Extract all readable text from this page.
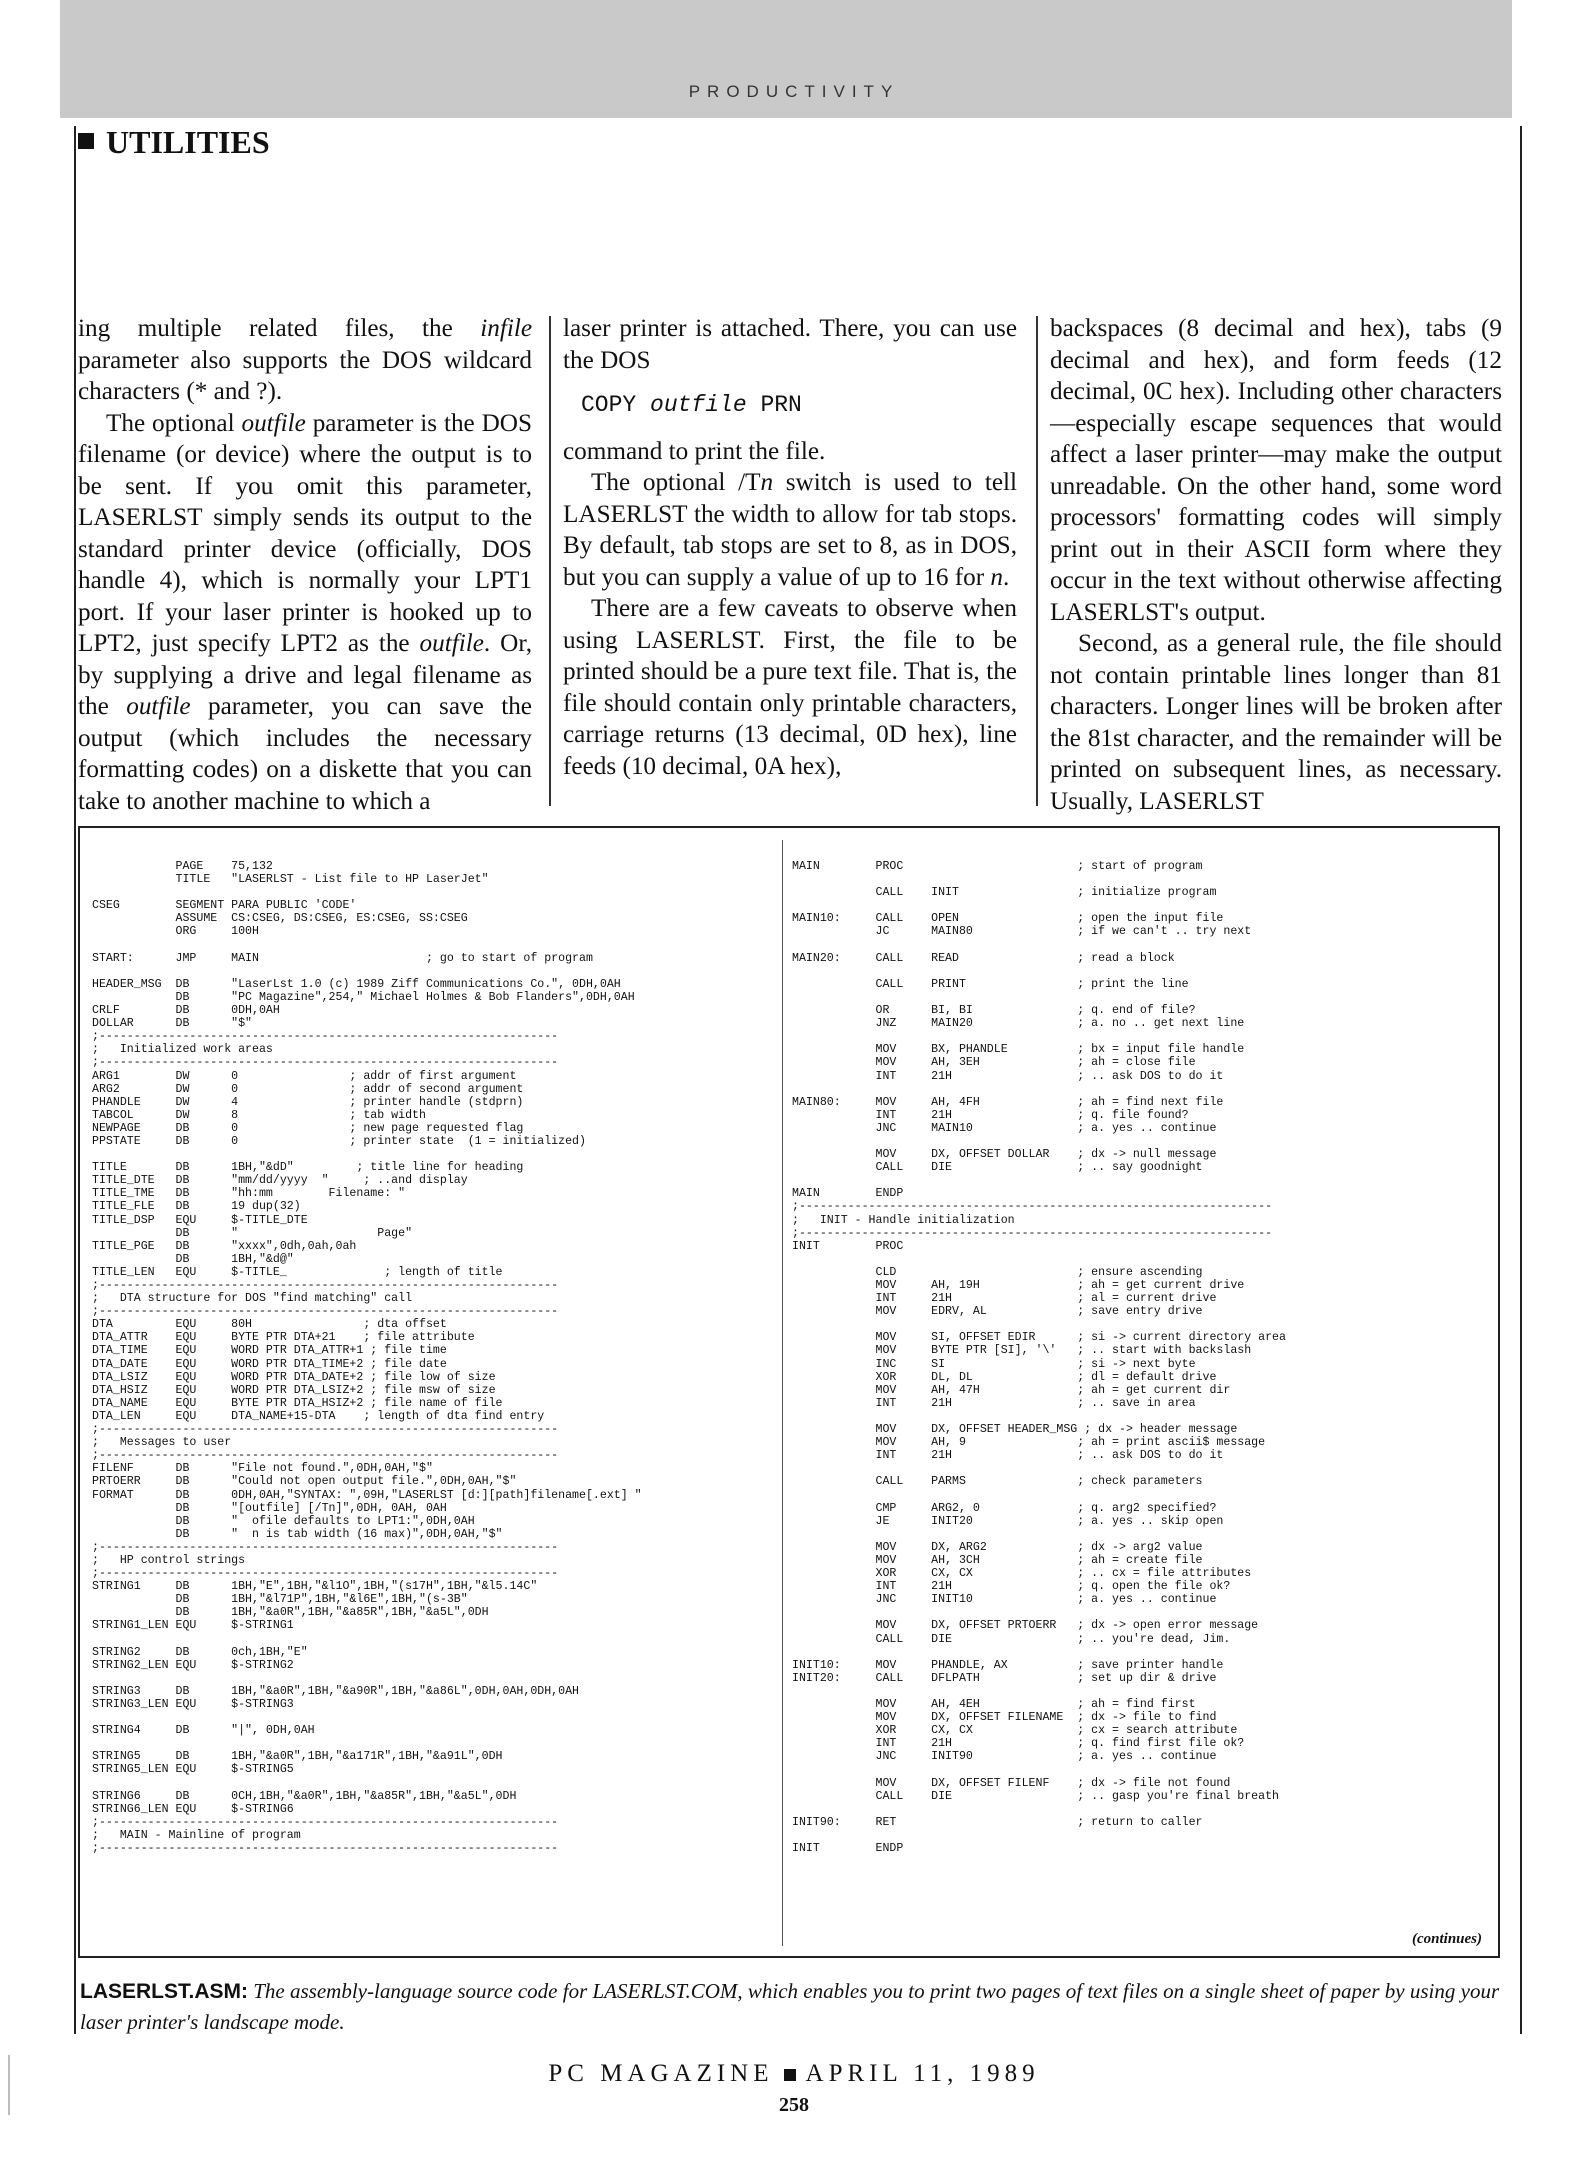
PRODUCTIVITY
UTILITIES

ing multiple related files, the infile parameter also supports the DOS wildcard characters (* and ?).

The optional outfile parameter is the DOS filename (or device) where the output is to be sent. If you omit this parameter, LASERLST simply sends its output to the standard printer device (officially, DOS handle 4), which is normally your LPT1 port. If your laser printer is hooked up to LPT2, just specify LPT2 as the outfile. Or, by supplying a drive and legal filename as the outfile parameter, you can save the output (which includes the necessary formatting codes) on a diskette that you can take to another machine to which a

laser printer is attached. There, you can use the DOS

COPY outfile PRN

command to print the file.

The optional /Tn switch is used to tell LASERLST the width to allow for tab stops. By default, tab stops are set to 8, as in DOS, but you can supply a value of up to 16 for n.

There are a few caveats to observe when using LASERLST. First, the file to be printed should be a pure text file. That is, the file should contain only printable characters, carriage returns (13 decimal, 0D hex), line feeds (10 decimal, 0A hex),

backspaces (8 decimal and hex), tabs (9 decimal and hex), and form feeds (12 decimal, 0C hex). Including other characters—especially escape sequences that would affect a laser printer—may make the output unreadable. On the other hand, some word processors' formatting codes will simply print out in their ASCII form where they occur in the text without otherwise affecting LASERLST's output.

Second, as a general rule, the file should not contain printable lines longer than 81 characters. Longer lines will be broken after the 81st character, and the remainder will be printed on subsequent lines, as necessary. Usually, LASERLST

PAGE    75,132
TITLE   "LASERLST - List file to HP LaserJet"

CSEG        SEGMENT PARA PUBLIC 'CODE'
ASSUME  CS:CSEG, DS:CSEG, ES:CSEG, SS:CSEG
ORG     100H

START:      JMP     MAIN                        ; go to start of program

HEADER_MSG  DB      "LaserLst 1.0 (c) 1989 Ziff Communications Co.", 0DH,0AH
DB      "PC Magazine",254," Michael Holmes & Bob Flanders",0DH,0AH
CRLF        DB      0DH,0AH
DOLLAR      DB      "$"
;------------------------------------------------------------------
;   Initialized work areas
;------------------------------------------------------------------
ARG1        DW      0                ; addr of first argument
ARG2        DW      0                ; addr of second argument
PHANDLE     DW      4                ; printer handle (stdprn)
TABCOL      DW      8                ; tab width
NEWPAGE     DB      0                ; new page requested flag
PPSTATE     DB      0                ; printer state  (1 = initialized)

TITLE       DB      1BH,"&dD"         ; title line for heading
TITLE_DTE   DB      "mm/dd/yyyy  "     ; ..and display
TITLE_TME   DB      "hh:mm        Filename: "
TITLE_FLE   DB      19 dup(32)
TITLE_DSP   EQU     $-TITLE_DTE
DB      "                    Page"
TITLE_PGE   DB      "xxxx",0dh,0ah,0ah
DB      1BH,"&d@"
TITLE_LEN   EQU     $-TITLE_              ; length of title
;------------------------------------------------------------------
;   DTA structure for DOS "find matching" call
;------------------------------------------------------------------
DTA         EQU     80H                ; dta offset
DTA_ATTR    EQU     BYTE PTR DTA+21    ; file attribute
DTA_TIME    EQU     WORD PTR DTA_ATTR+1 ; file time
DTA_DATE    EQU     WORD PTR DTA_TIME+2 ; file date
DTA_LSIZ    EQU     WORD PTR DTA_DATE+2 ; file low of size
DTA_HSIZ    EQU     WORD PTR DTA_LSIZ+2 ; file msw of size
DTA_NAME    EQU     BYTE PTR DTA_HSIZ+2 ; file name of file
DTA_LEN     EQU     DTA_NAME+15-DTA    ; length of dta find entry
;------------------------------------------------------------------
;   Messages to user
;------------------------------------------------------------------
FILENF      DB      "File not found.",0DH,0AH,"$"
PRTOERR     DB      "Could not open output file.",0DH,0AH,"$"
FORMAT      DB      0DH,0AH,"SYNTAX: ",09H,"LASERLST [d:][path]filename[.ext] "
DB      "[outfile] [/Tn]",0DH, 0AH, 0AH
DB      "  ofile defaults to LPT1:",0DH,0AH
DB      "  n is tab width (16 max)",0DH,0AH,"$"
;------------------------------------------------------------------
;   HP control strings
;------------------------------------------------------------------
STRING1     DB      1BH,"E",1BH,"&l1O",1BH,"(s17H",1BH,"&l5.14C"
DB      1BH,"&l71P",1BH,"&l6E",1BH,"(s-3B"
DB      1BH,"&a0R",1BH,"&a85R",1BH,"&a5L",0DH
STRING1_LEN EQU     $-STRING1

STRING2     DB      0ch,1BH,"E"
STRING2_LEN EQU     $-STRING2

STRING3     DB      1BH,"&a0R",1BH,"&a90R",1BH,"&a86L",0DH,0AH,0DH,0AH
STRING3_LEN EQU     $-STRING3

STRING4     DB      "|", 0DH,0AH

STRING5     DB      1BH,"&a0R",1BH,"&a171R",1BH,"&a91L",0DH
STRING5_LEN EQU     $-STRING5

STRING6     DB      0CH,1BH,"&a0R",1BH,"&a85R",1BH,"&a5L",0DH
STRING6_LEN EQU     $-STRING6
;------------------------------------------------------------------
;   MAIN - Mainline of program
;------------------------------------------------------------------
MAIN        PROC                         ; start of program

CALL    INIT                 ; initialize program

MAIN10:     CALL    OPEN                 ; open the input file
JC      MAIN80               ; if we can't .. try next

MAIN20:     CALL    READ                 ; read a block

CALL    PRINT                ; print the line

OR      BI, BI               ; q. end of file?
JNZ     MAIN20               ; a. no .. get next line

MOV     BX, PHANDLE          ; bx = input file handle
MOV     AH, 3EH              ; ah = close file
INT     21H                  ; .. ask DOS to do it

MAIN80:     MOV     AH, 4FH              ; ah = find next file
INT     21H                  ; q. file found?
JNC     MAIN10               ; a. yes .. continue

MOV     DX, OFFSET DOLLAR    ; dx -> null message
CALL    DIE                  ; .. say goodnight

MAIN        ENDP
;--------------------------------------------------------------------
;   INIT - Handle initialization
;--------------------------------------------------------------------
INIT        PROC

CLD                          ; ensure ascending
MOV     AH, 19H              ; ah = get current drive
INT     21H                  ; al = current drive
MOV     EDRV, AL             ; save entry drive

MOV     SI, OFFSET EDIR      ; si -> current directory area
MOV     BYTE PTR [SI], '\'   ; .. start with backslash
INC     SI                   ; si -> next byte
XOR     DL, DL               ; dl = default drive
MOV     AH, 47H              ; ah = get current dir
INT     21H                  ; .. save in area

MOV     DX, OFFSET HEADER_MSG ; dx -> header message
MOV     AH, 9                ; ah = print ascii$ message
INT     21H                  ; .. ask DOS to do it

CALL    PARMS                ; check parameters

CMP     ARG2, 0              ; q. arg2 specified?
JE      INIT20               ; a. yes .. skip open

MOV     DX, ARG2             ; dx -> arg2 value
MOV     AH, 3CH              ; ah = create file
XOR     CX, CX               ; .. cx = file attributes
INT     21H                  ; q. open the file ok?
JNC     INIT10               ; a. yes .. continue

MOV     DX, OFFSET PRTOERR   ; dx -> open error message
CALL    DIE                  ; .. you're dead, Jim.

INIT10:     MOV     PHANDLE, AX          ; save printer handle
INIT20:     CALL    DFLPATH              ; set up dir & drive

MOV     AH, 4EH              ; ah = find first
MOV     DX, OFFSET FILENAME  ; dx -> file to find
XOR     CX, CX               ; cx = search attribute
INT     21H                  ; q. find first file ok?
JNC     INIT90               ; a. yes .. continue

MOV     DX, OFFSET FILENF    ; dx -> file not found
CALL    DIE                  ; .. gasp you're final breath

INIT90:     RET                          ; return to caller

INIT        ENDP
(continues)
LASERLST.ASM: The assembly-language source code for LASERLST.COM, which enables you to print two pages of text files on a single sheet of paper by using your laser printer's landscape mode.
PC MAGAZINE APRIL 11, 1989
258
